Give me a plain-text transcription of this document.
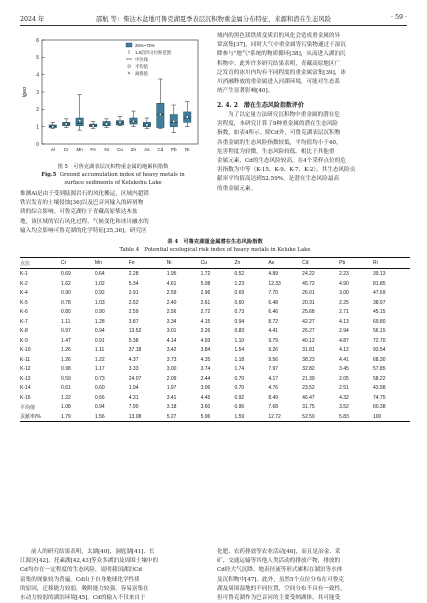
2024 年	邵航 等：柴达木盆地可鲁克湖夏季表层沉积物重金属分布特征、来源和潜在生态风险	· 59 ·
0
1
2
3
4
5
6
Igeo
Al Cr Mn Fe Ni Cu Zn As Cd Pb Ri
25%~75%
1.5倍四分位距范围
中位线
平均值
离群值
图 5　可鲁克湖表层沉积物重金属的地累积指数
Fig.5 Ground accumulation index of heavy metals in
surface sediments of Kelukehu Lake
推测Al是由于受到陆源岩石的风化搬运，区域内超镁
铁岩发育的土壤侵蚀[36]以及巴音河输入的碎屑物
质的综合影响。可鲁克湖位于青藏高原柴达木盆
地，该区域的岩石风化过程、气候变化和冰川融水的
输入均会影响可鲁克湖的化学特征[35,36]。研究区
域内的黑色镁铁质变质岩的风化会造成重金属的异
常富集[37]，同时大气中重金属等污染物通过干湿沉
降参与"地气"系统的物质循环[38]，从而进入湖泊沉
积物中。此外许多研究结果表明，青藏高原地区广
泛发育的冰川内均有不同程度的重金属富集[39]，冰
川消融释放的重金属进入河湖环境，可能对生态系
统产生显著影响[40]。
2. 4. 2　潜在生态风险指数评价
为了以定量方法研究沉积物中重金属的潜在危
害程度，本研究计算了9种重金属的潜在生态风险
指数，如表4所示。除Cd外，可鲁克湖表层沉积物
各重金属的生态风险指数较低，平均值均小于40，
危害程度为轻微，生态风险较低。相比于其他重
金属元素，Cd的生态风险较高，在4个采样点位的危
害指数为中等（K-15、K-9、K-7、K-2），其生态风险贡
献率平均值高达到52.59%，是潜在生态风险最高
的重金属元素。
表 4　可鲁克湖重金属潜在生态风险指数
Table 4　Potential ecological risk index of heavy metals in Keluke Lake
点位	Cr	Mn	Fe	Ni	Cu	Zn	As	Cd	Pb	Ri
K-1	0.69	0.64	2.28	1.95	1.72	0.52	4.89	24.22	2.23	39.13
K-2	1.62	1.02	5.34	4.61	5.08	1.23	12.33	45.72	4.90	81.85
K-4	0.90	0.92	2.91	2.59	2.96	0.69	7.70	26.01	3.00	47.69
K-5	0.78	1.03	2.52	2.40	2.61	0.60	6.48	20.31	2.25	38.97
K-6	0.80	0.90	2.59	2.56	2.72	0.73	6.46	25.68	2.71	45.15
K-7	1.11	1.28	3.87	3.34	4.15	0.94	8.72	42.27	4.13	69.80
K-8	0.97	0.94	13.52	3.01	3.26	0.83	4.41	26.27	2.94	56.15
K-9	1.47	0.91	5.38	4.14	4.93	1.10	9.79	40.12	4.87	72.70
K-10	1.26	1.11	37.18	3.42	3.84	1.54	9.26	31.81	4.12	93.54
K-11	1.26	1.22	4.37	3.73	4.35	1.18	9.56	38.23	4.41	68.30
K-12	0.98	1.17	3.33	3.00	3.74	1.74	7.97	32.82	3.45	57.85
K-13	0.59	0.73	24.07	2.09	2.44	0.70	4.17	21.39	2.05	58.22
K-14	0.61	0.60	1.94	1.97	3.06	0.70	4.76	23.52	2.51	43.98
K-15	1.22	0.66	4.31	3.41	4.45	0.92	8.49	46.47	4.32	74.75
平均值	1.08	0.94	7.90	3.18	3.60	0.96	7.68	31.75	3.52	60.38
贡献率/%	1.79	1.56	13.08	5.27	5.96	1.59	12.72	52.59	5.83	100
前人的研究结果表明，太湖[40]、洞庭湖[41]、长
江源区[42]、托素湖[42,43]等众多湖泊及周围土壤中的
Cd均存在一定程度的生态风险，说明我国湖泊Cd
富集的现象较为普遍。Cd由于自身地球化学性质
的原因，迁移能力较弱，吸附能力较强，容易富集在
水动力较弱的湖泊环境[45]。Cd的输入不仅来自于
化肥、农药排放等农业活动[46]，而且是冶金、采
矿、交通运输等其他人类活动的排放产物，排放的
Cd经大气沉降、地表径流等形式累积在湖泊等水体
及沉积物中[47]。此外，虽然5个点位分布在可鲁克
湖及周围湿地的不同位置，空间分布不具有一致性，
但可鲁克湖作为巴音河的主要受纳湖体，其可能受
